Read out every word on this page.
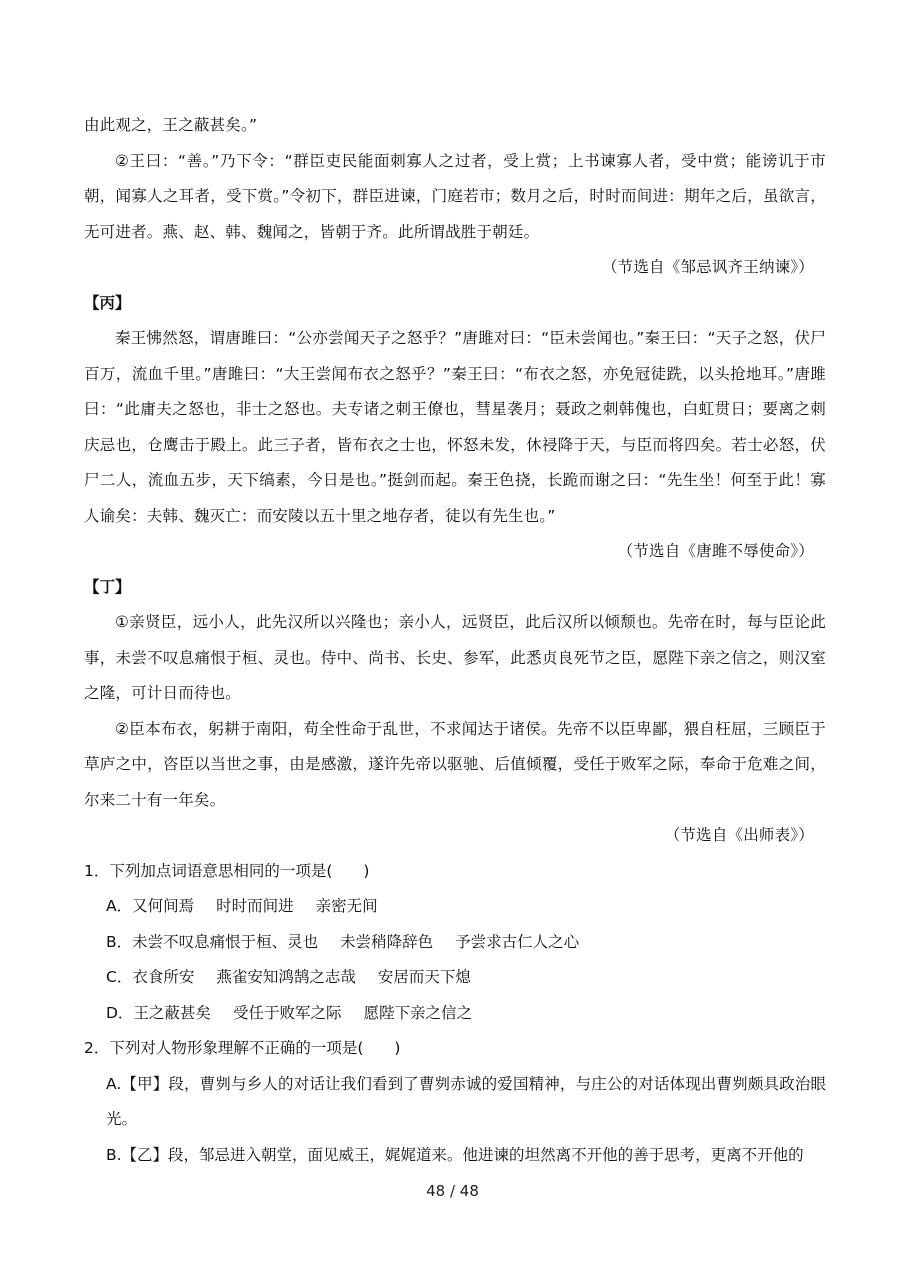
由此观之，王之蔽甚矣。”

②王曰：“善。”乃下令：“群臣吏民能面刺寡人之过者，受上赏；上书谏寡人者，受中赏；能谤讥于市朝，闻寡人之耳者，受下赏。”令初下，群臣进谏，门庭若市；数月之后，时时而间进：期年之后，虽欲言，无可进者。燕、赵、韩、魏闻之，皆朝于齐。此所谓战胜于朝廷。

（节选自《邹忌讽齐王纳谏》）

【丙】

秦王怫然怒，谓唐雎曰：“公亦尝闻天子之怒乎？”唐雎对曰：“臣未尝闻也。”秦王曰：“天子之怒，伏尸百万，流血千里。”唐雎曰：“大王尝闻布衣之怒乎？”秦王曰：“布衣之怒，亦免冠徒跣，以头抢地耳。”唐雎曰：“此庸夫之怒也，非士之怒也。夫专诸之刺王僚也，彗星袭月；聂政之刺韩傀也，白虹贯日；要离之刺庆忌也，仓鹰击于殿上。此三子者，皆布衣之士也，怀怒未发，休祲降于天，与臣而将四矣。若士必怒，伏尸二人，流血五步，天下缟素，今日是也。”挺剑而起。秦王色挠，长跪而谢之曰：“先生坐！何至于此！寡人谕矣：夫韩、魏灭亡：而安陵以五十里之地存者，徒以有先生也。”

（节选自《唐雎不辱使命》）

【丁】

①亲贤臣，远小人，此先汉所以兴隆也；亲小人，远贤臣，此后汉所以倾颓也。先帝在时，每与臣论此事，未尝不叹息痛恨于桓、灵也。侍中、尚书、长史、参军，此悉贞良死节之臣，愿陛下亲之信之，则汉室之隆，可计日而待也。

②臣本布衣，躬耕于南阳，苟全性命于乱世，不求闻达于诸侯。先帝不以臣卑鄙，猥自枉屈，三顾臣于草庐之中，咨臣以当世之事，由是感激，遂许先帝以驱驰、后值倾覆，受任于败军之际，奉命于危难之间，尔来二十有一年矣。

（节选自《出师表》）

1．下列加点词语意思相同的一项是(　　)

A．又何间焉 时时而间进 亲密无间

B．未尝不叹息痛恨于桓、灵也 未尝稍降辞色 予尝求古仁人之心

C．衣食所安 燕雀安知鸿鹄之志哉 安居而天下熄

D．王之蔽甚矣 受任于败军之际 愿陛下亲之信之

2．下列对人物形象理解不正确的一项是(　　)

A.【甲】段，曹刿与乡人的对话让我们看到了曹刿赤诚的爱国精神，与庄公的对话体现出曹刿颇具政治眼光。

B.【乙】段，邹忌进入朝堂，面见威王，娓娓道来。他进谏的坦然离不开他的善于思考，更离不开他的

48 / 48
